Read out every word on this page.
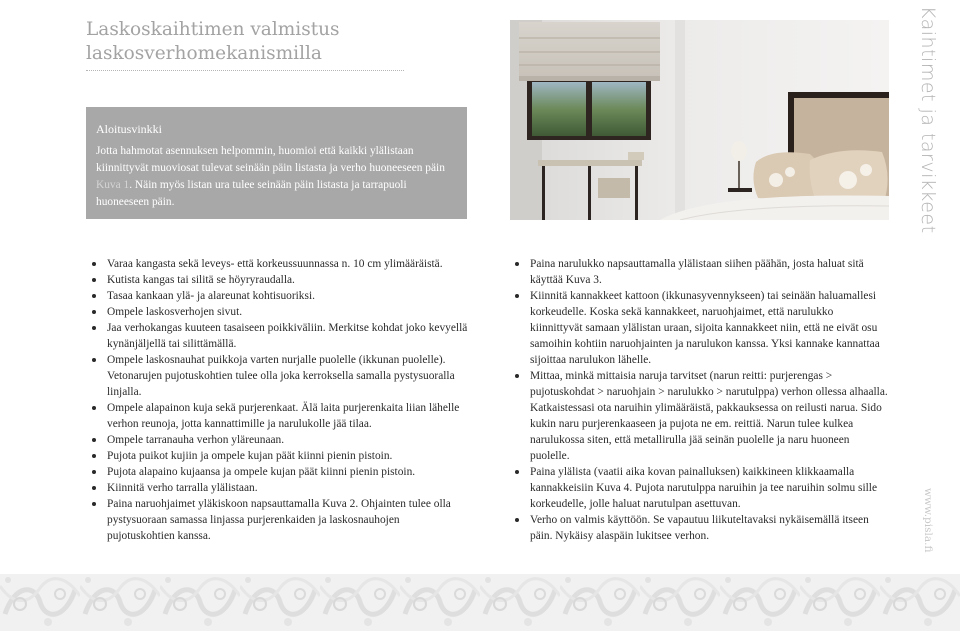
Laskoskaihtimen valmistus laskosverhomekanismilla
Aloitusvinkki
Jotta hahmotat asennuksen helpommin, huomioi että kaikki ylälistaan kiinnittyvät muoviosat tulevat seinään päin listasta ja verho huoneeseen päin Kuva 1. Näin myös listan ura tulee seinään päin listasta ja tarrapuoli huoneeseen päin.	Kaihtimet ja tarvikkeet
www.pisla.fi
Varaa kangasta sekä leveys- että korkeussuunnassa n. 10 cm ylimääräistä.
Kutista kangas tai silitä se höyryraudalla.
Tasaa kankaan ylä- ja alareunat kohtisuoriksi.
Ompele laskosverhojen sivut.
Jaa verhokangas kuuteen tasaiseen poikkiväliin. Merkitse kohdat joko kevyellä kynänjäljellä tai silittämällä.
Ompele laskosnauhat puikkoja varten nurjalle puolelle (ikkunan puolelle). Vetonarujen pujotuskohtien tulee olla joka kerroksella samalla pystysuoralla linjalla.
Ompele alapainon kuja sekä purjerenkaat. Älä laita purjerenkaita liian lähelle verhon reunoja, jotta kannattimille ja narulukolle jää tilaa.
Ompele tarranauha verhon yläreunaan.
Pujota puikot kujiin ja ompele kujan päät kiinni pienin pistoin.
Pujota alapaino kujaansa ja ompele kujan päät kiinni pienin pistoin.
Kiinnitä verho tarralla ylälistaan.
Paina naruohjaimet yläkiskoon napsauttamalla Kuva 2. Ohjainten tulee olla pystysuoraan samassa linjassa purjerenkaiden ja laskosnauhojen pujotuskohtien kanssa.
Paina narulukko napsauttamalla ylälistaan siihen päähän, josta haluat sitä käyttää Kuva 3.
Kiinnitä kannakkeet kattoon (ikkunasyvennykseen) tai seinään haluamallesi korkeudelle. Koska sekä kannakkeet, naruohjaimet, että narulukko kiinnittyvät samaan ylälistan uraan, sijoita kannakkeet niin, että ne eivät osu samoihin kohtiin naruohjainten ja narulukon kanssa. Yksi kannake kannattaa sijoittaa narulukon lähelle.
Mittaa, minkä mittaisia naruja tarvitset (narun reitti: purjerengas > pujotuskohdat > naruohjain > narulukko > narutulppa) verhon ollessa alhaalla. Katkaistessasi ota naruihin ylimääräistä, pakkauksessa on reilusti narua. Sido kukin naru purjerenkaaseen ja pujota ne em. reittiä. Narun tulee kulkea narulukossa siten, että metallirulla jää seinän puolelle ja naru huoneen puolelle.
Paina ylälista (vaatii aika kovan painalluksen) kaikkineen klikkaamalla kannakkeisiin Kuva 4. Pujota narutulppa naruihin ja tee naruihin solmu sille korkeudelle, jolle haluat narutulpan asettuvan.
Verho on valmis käyttöön. Se vapautuu liikuteltavaksi nykäisemällä itseen päin. Nykäisy alaspäin lukitsee verhon.
